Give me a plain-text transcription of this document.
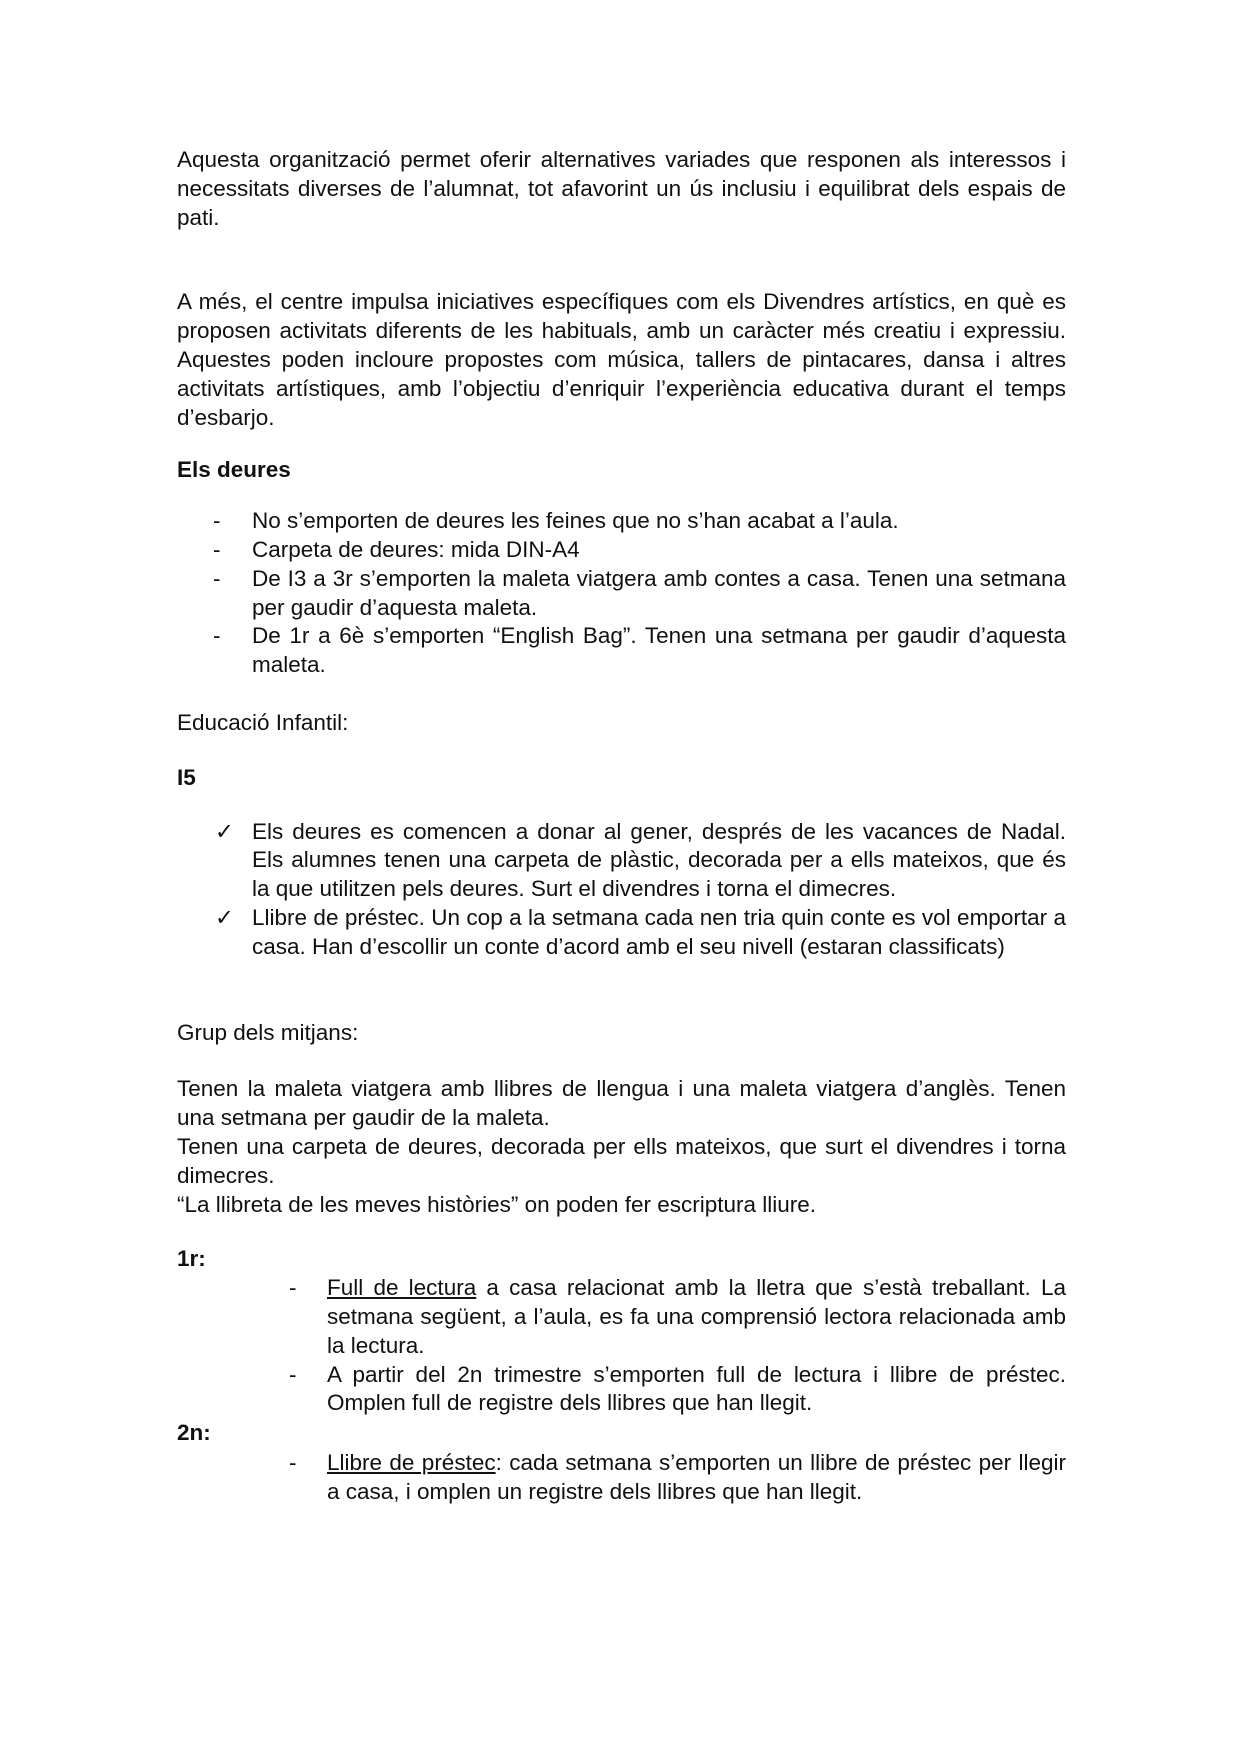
Aquesta organització permet oferir alternatives variades que responen als interessos i necessitats diverses de l’alumnat, tot afavorint un ús inclusiu i equilibrat dels espais de pati.

A més, el centre impulsa iniciatives específiques com els Divendres artístics, en què es proposen activitats diferents de les habituals, amb un caràcter més creatiu i expressiu. Aquestes poden incloure propostes com música, tallers de pintacares, dansa i altres activitats artístiques, amb l’objectiu d’enriquir l’experiència educativa durant el temps d’esbarjo.

Els deures

- No s’emporten de deures les feines que no s’han acabat a l’aula.
- Carpeta de deures: mida DIN-A4
- De I3 a 3r s’emporten la maleta viatgera amb contes a casa. Tenen una setmana per gaudir d’aquesta maleta.
- De 1r a 6è s’emporten “English Bag”. Tenen una setmana per gaudir d’aquesta maleta.

Educació Infantil:

I5

✓ Els deures es comencen a donar al gener, després de les vacances de Nadal. Els alumnes tenen una carpeta de plàstic, decorada per a ells mateixos, que és la que utilitzen pels deures. Surt el divendres i torna el dimecres.
✓ Llibre de préstec. Un cop a la setmana cada nen tria quin conte es vol emportar a casa. Han d’escollir un conte d’acord amb el seu nivell (estaran classificats)

Grup dels mitjans:

Tenen la maleta viatgera amb llibres de llengua i una maleta viatgera d’anglès. Tenen una setmana per gaudir de la maleta.

Tenen una carpeta de deures, decorada per ells mateixos, que surt el divendres i torna dimecres.

“La llibreta de les meves històries” on poden fer escriptura lliure.

1r:

- Full de lectura a casa relacionat amb la lletra que s’està treballant. La setmana següent, a l’aula, es fa una comprensió lectora relacionada amb la lectura.
- A partir del 2n trimestre s’emporten full de lectura i llibre de préstec. Omplen full de registre dels llibres que han llegit.

2n:

- Llibre de préstec: cada setmana s’emporten un llibre de préstec per llegir a casa, i omplen un registre dels llibres que han llegit.
